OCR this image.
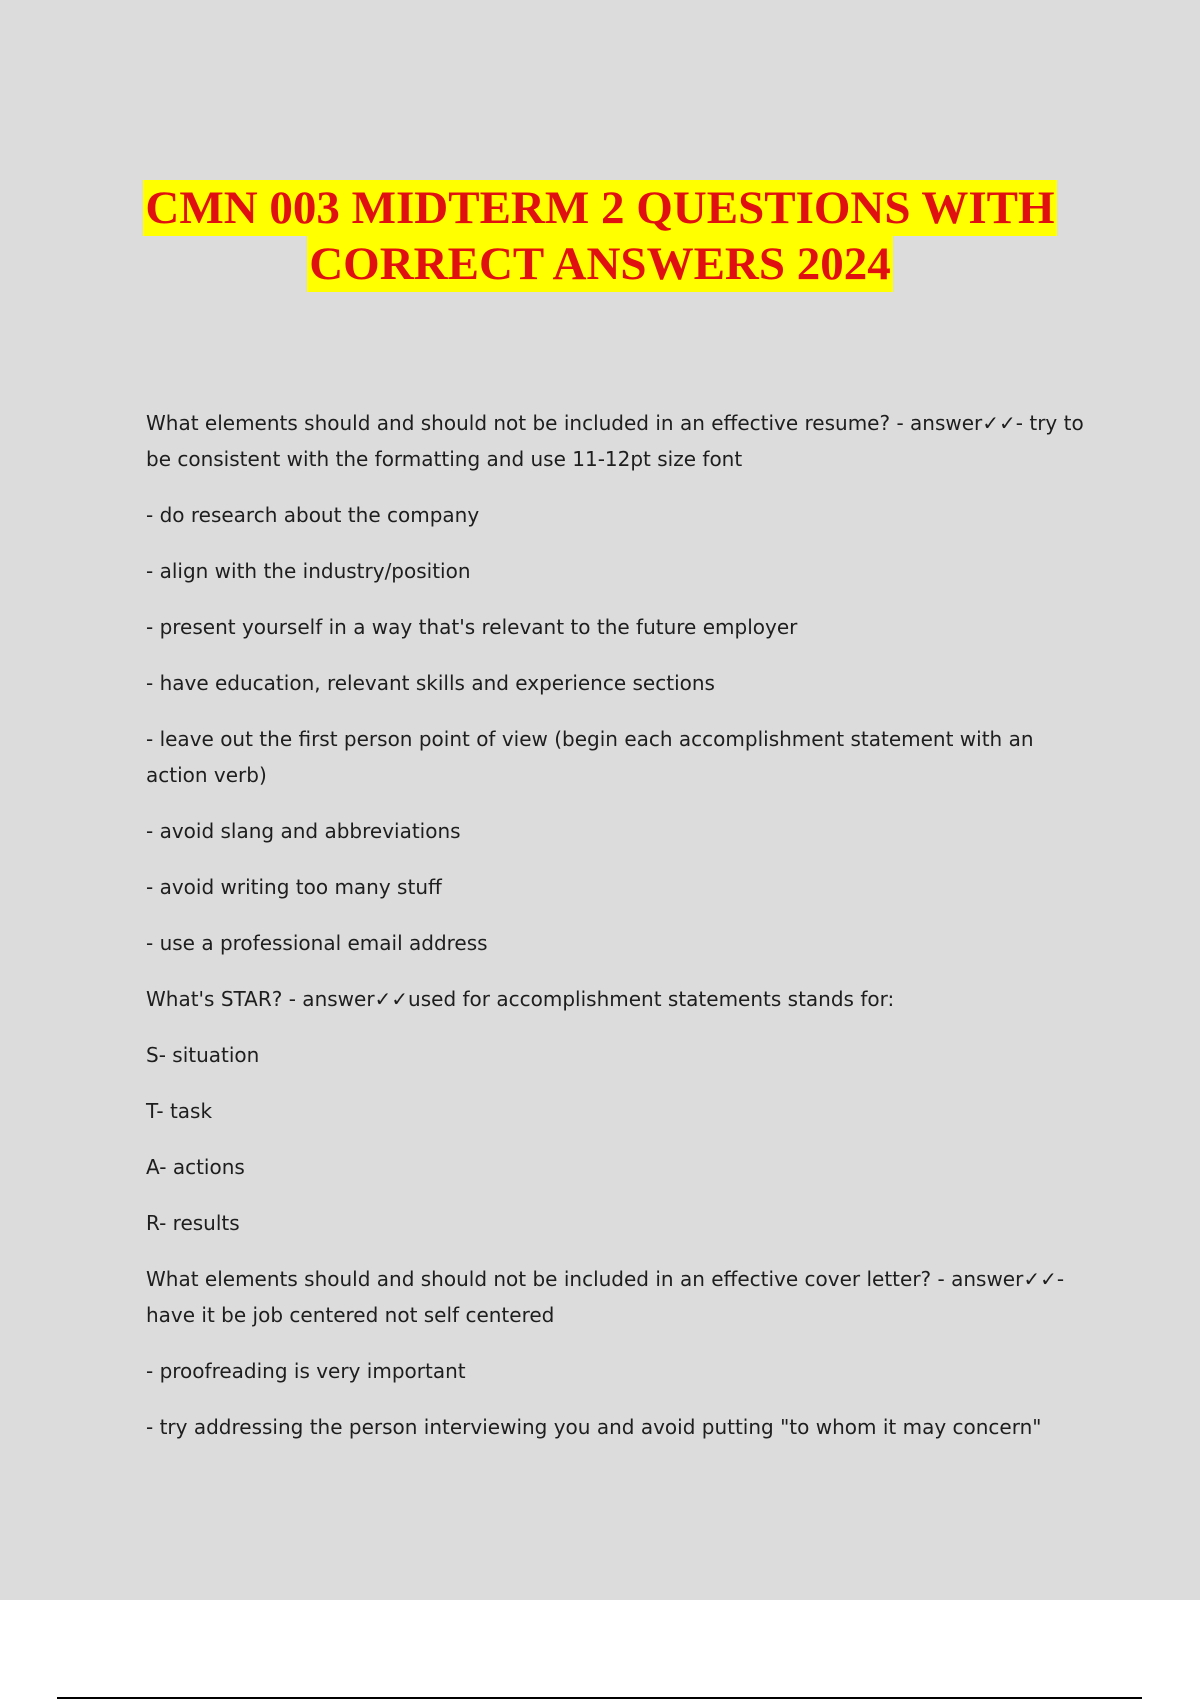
CMN 003 MIDTERM 2 QUESTIONS WITH
CORRECT ANSWERS 2024

What elements should and should not be included in an effective resume? - answer✓✓- try to be consistent with the formatting and use 11-12pt size font

- do research about the company

- align with the industry/position

- present yourself in a way that's relevant to the future employer

- have education, relevant skills and experience sections

- leave out the first person point of view (begin each accomplishment statement with an action verb)

- avoid slang and abbreviations

- avoid writing too many stuff

- use a professional email address

What's STAR? - answer✓✓used for accomplishment statements stands for:

S- situation

T- task

A- actions

R- results

What elements should and should not be included in an effective cover letter? - answer✓✓- have it be job centered not self centered

- proofreading is very important

- try addressing the person interviewing you and avoid putting "to whom it may concern"
